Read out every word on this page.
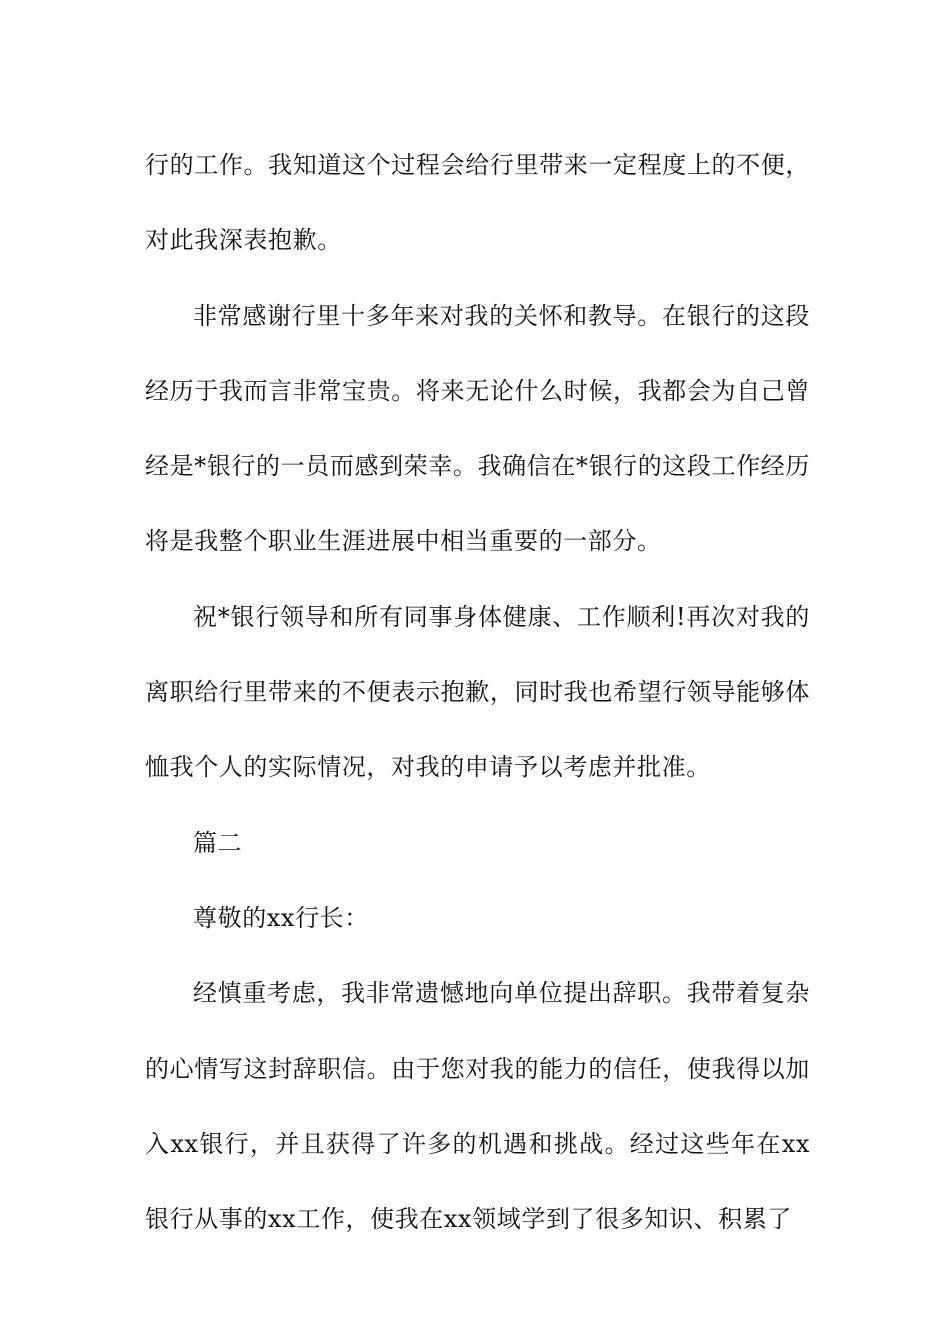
行的工作。我知道这个过程会给行里带来一定程度上的不便，对此我深表抱歉。

非常感谢行里十多年来对我的关怀和教导。在银行的这段经历于我而言非常宝贵。将来无论什么时候，我都会为自己曾经是*银行的一员而感到荣幸。我确信在*银行的这段工作经历将是我整个职业生涯进展中相当重要的一部分。

祝*银行领导和所有同事身体健康、工作顺利!再次对我的离职给行里带来的不便表示抱歉，同时我也希望行领导能够体恤我个人的实际情况，对我的申请予以考虑并批准。

篇二

尊敬的xx行长：

经慎重考虑，我非常遗憾地向单位提出辞职。我带着复杂的心情写这封辞职信。由于您对我的能力的信任，使我得以加入xx银行，并且获得了许多的机遇和挑战。经过这些年在xx银行从事的xx工作，使我在xx领域学到了很多知识、积累了
